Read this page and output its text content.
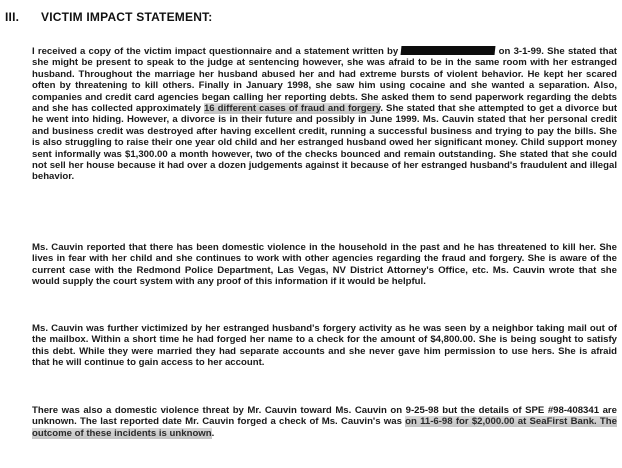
III. VICTIM IMPACT STATEMENT:

I received a copy of the victim impact questionnaire and a statement written by	on 3-1-99. She stated that she might be present to speak to the judge at sentencing however, she was afraid to be in the same room with her estranged husband. Throughout the marriage her husband abused her and had extreme bursts of violent behavior. He kept her scared often by threatening to kill others. Finally in January 1998, she saw him using cocaine and she wanted a separation. Also, companies and credit card agencies began calling her reporting debts. She asked them to send paperwork regarding the debts and she has collected approximately 16 different cases of fraud and forgery. She stated that she attempted to get a divorce but he went into hiding. However, a divorce is in their future and possibly in June 1999. Ms. Cauvin stated that her personal credit and business credit was destroyed after having excellent credit, running a successful business and trying to pay the bills. She is also struggling to raise their one year old child and her estranged husband owed her significant money. Child support money sent informally was $1,300.00 a month however, two of the checks bounced and remain outstanding. She stated that she could not sell her house because it had over a dozen judgements against it because of her estranged husband's fraudulent and illegal behavior.

Ms. Cauvin reported that there has been domestic violence in the household in the past and he has threatened to kill her. She lives in fear with her child and she continues to work with other agencies regarding the fraud and forgery. She is aware of the current case with the Redmond Police Department, Las Vegas, NV District Attorney's Office, etc. Ms. Cauvin wrote that she would supply the court system with any proof of this information if it would be helpful.

Ms. Cauvin was further victimized by her estranged husband's forgery activity as he was seen by a neighbor taking mail out of the mailbox. Within a short time he had forged her name to a check for the amount of $4,800.00. She is being sought to satisfy this debt. While they were married they had separate accounts and she never gave him permission to use hers. She is afraid that he will continue to gain access to her account.

There was also a domestic violence threat by Mr. Cauvin toward Ms. Cauvin on 9-25-98 but the details of SPE #98-408341 are unknown. The last reported date Mr. Cauvin forged a check of Ms. Cauvin's was on 11-6-98 for $2,000.00 at SeaFirst Bank. The outcome of these incidents is unknown.
